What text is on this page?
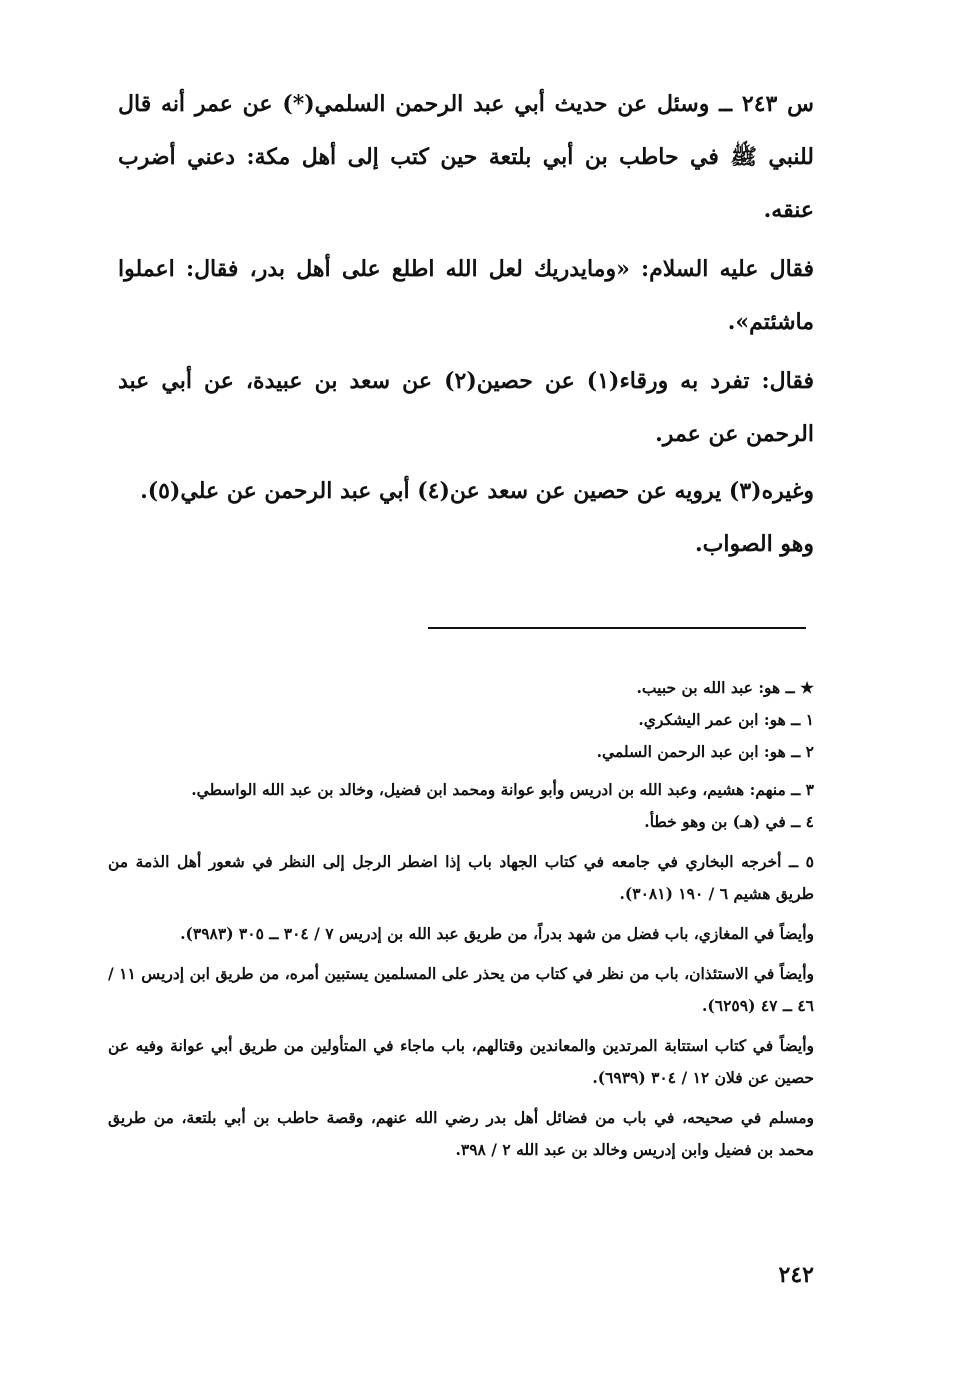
س ٢٤٣ ــ وسئل عن حديث أبي عبد الرحمن السلمي(*) عن عمر أنه قال للنبي ﷺ في حاطب بن أبي بلتعة حين كتب إلى أهل مكة: دعني أضرب عنقه.

فقال عليه السلام: «ومايدريك لعل الله اطلع على أهل بدر، فقال: اعملوا ماشئتم».

فقال: تفرد به ورقاء(١) عن حصين(٢) عن سعد بن عبيدة، عن أبي عبد الرحمن عن عمر.

وغيره(٣) يرويه عن حصين عن سعد عن(٤) أبي عبد الرحمن عن علي(٥).

وهو الصواب.

★ ــ هو: عبد الله بن حبيب.

١ ــ هو: ابن عمر اليشكري.

٢ ــ هو: ابن عبد الرحمن السلمي.

٣ ــ منهم: هشيم، وعبد الله بن ادريس وأبو عوانة ومحمد ابن فضيل، وخالد بن عبد الله الواسطي.

٤ ــ في (هـ) بن وهو خطأ.

٥ ــ أخرجه البخاري في جامعه في كتاب الجهاد باب إذا اضطر الرجل إلى النظر في شعور أهل الذمة من طريق هشيم ٦ / ١٩٠ (٣٠٨١).

وأيضاً في المغازي، باب فضل من شهد بدراً، من طريق عبد الله بن إدريس ٧ / ٣٠٤ ــ ٣٠٥ (٣٩٨٣).

وأيضاً في الاستئذان، باب من نظر في كتاب من يحذر على المسلمين يستبين أمره، من طريق ابن إدريس ١١ / ٤٦ ــ ٤٧ (٦٢٥٩).

وأيضاً في كتاب استتابة المرتدين والمعاندين وقتالهم، باب ماجاء في المتأولين من طريق أبي عوانة وفيه عن حصين عن فلان ١٢ / ٣٠٤ (٦٩٣٩).

ومسلم في صحيحه، في باب من فضائل أهل بدر رضي الله عنهم، وقصة حاطب بن أبي بلتعة، من طريق محمد بن فضيل وابن إدريس وخالد بن عبد الله ٢ / ٣٩٨.

٢٤٢
